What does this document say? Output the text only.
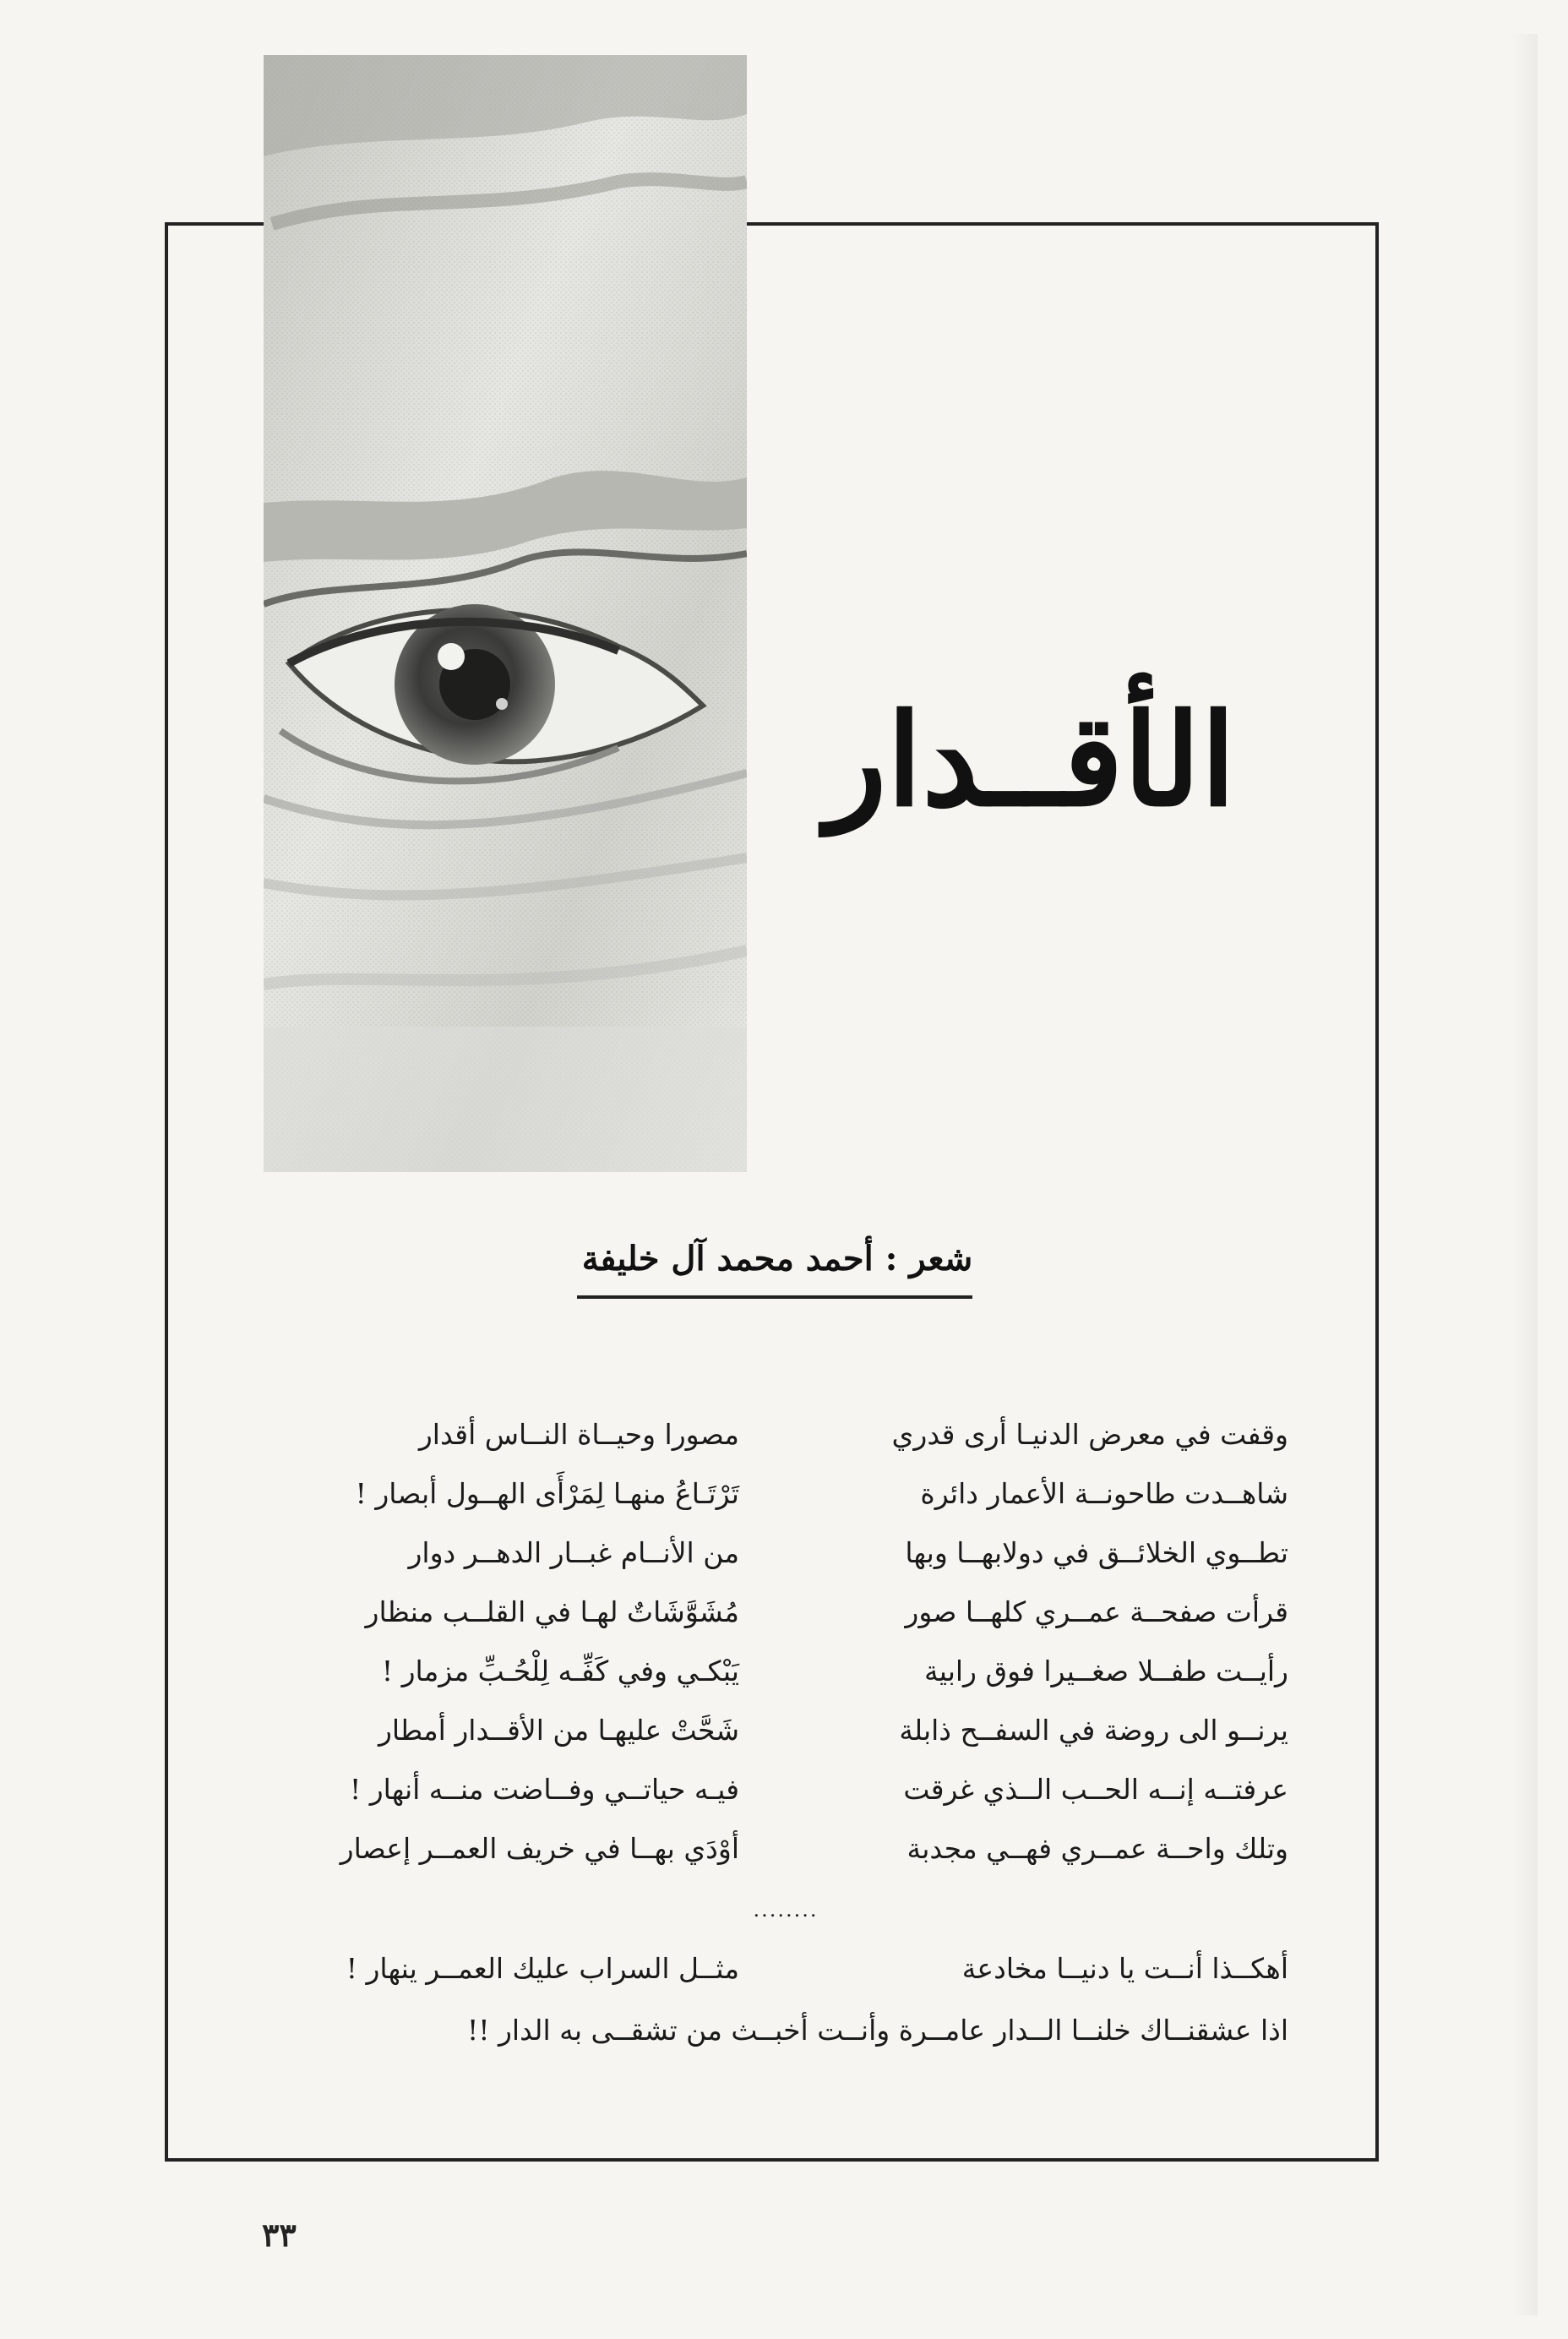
الأقــدار
شعر : أحمد محمد آل خليفة
وقفت في معرض الدنيـا أرى قدري
مصورا وحيــاة النــاس أقدار
شاهــدت طاحونــة الأعمار دائرة
تَرْتَـاعُ منهـا لِمَرْأَى الهــول أبصار !
تطــوي الخلائــق في دولابهــا وبها
من الأنــام غبــار الدهــر دوار
قرأت صفحــة عمــري كلهــا صور
مُشَوَّشَاتٌ لهـا في القلــب منظار
رأيــت طفــلا صغــيرا فوق رابية
يَبْكـي وفي كَفِّـه لِلْحُـبِّ مزمار !
يرنــو الى روضة في السفــح ذابلة
شَحَّتْ عليهـا من الأقــدار أمطار
عرفتــه إنــه الحــب الــذي غرقت
فيـه حياتــي وفــاضت منــه أنهار !
وتلك واحــة عمــري فهــي مجدبة
أوْدَي بهــا في خريف العمــر إعصار
........
أهكــذا أنــت يا دنيــا مخادعة
مثــل السراب عليك العمــر ينهار !
اذا عشقنــاك خلنــا الــدار عامــرة وأنــت أخبــث من تشقــى به الدار !!
٣٣
